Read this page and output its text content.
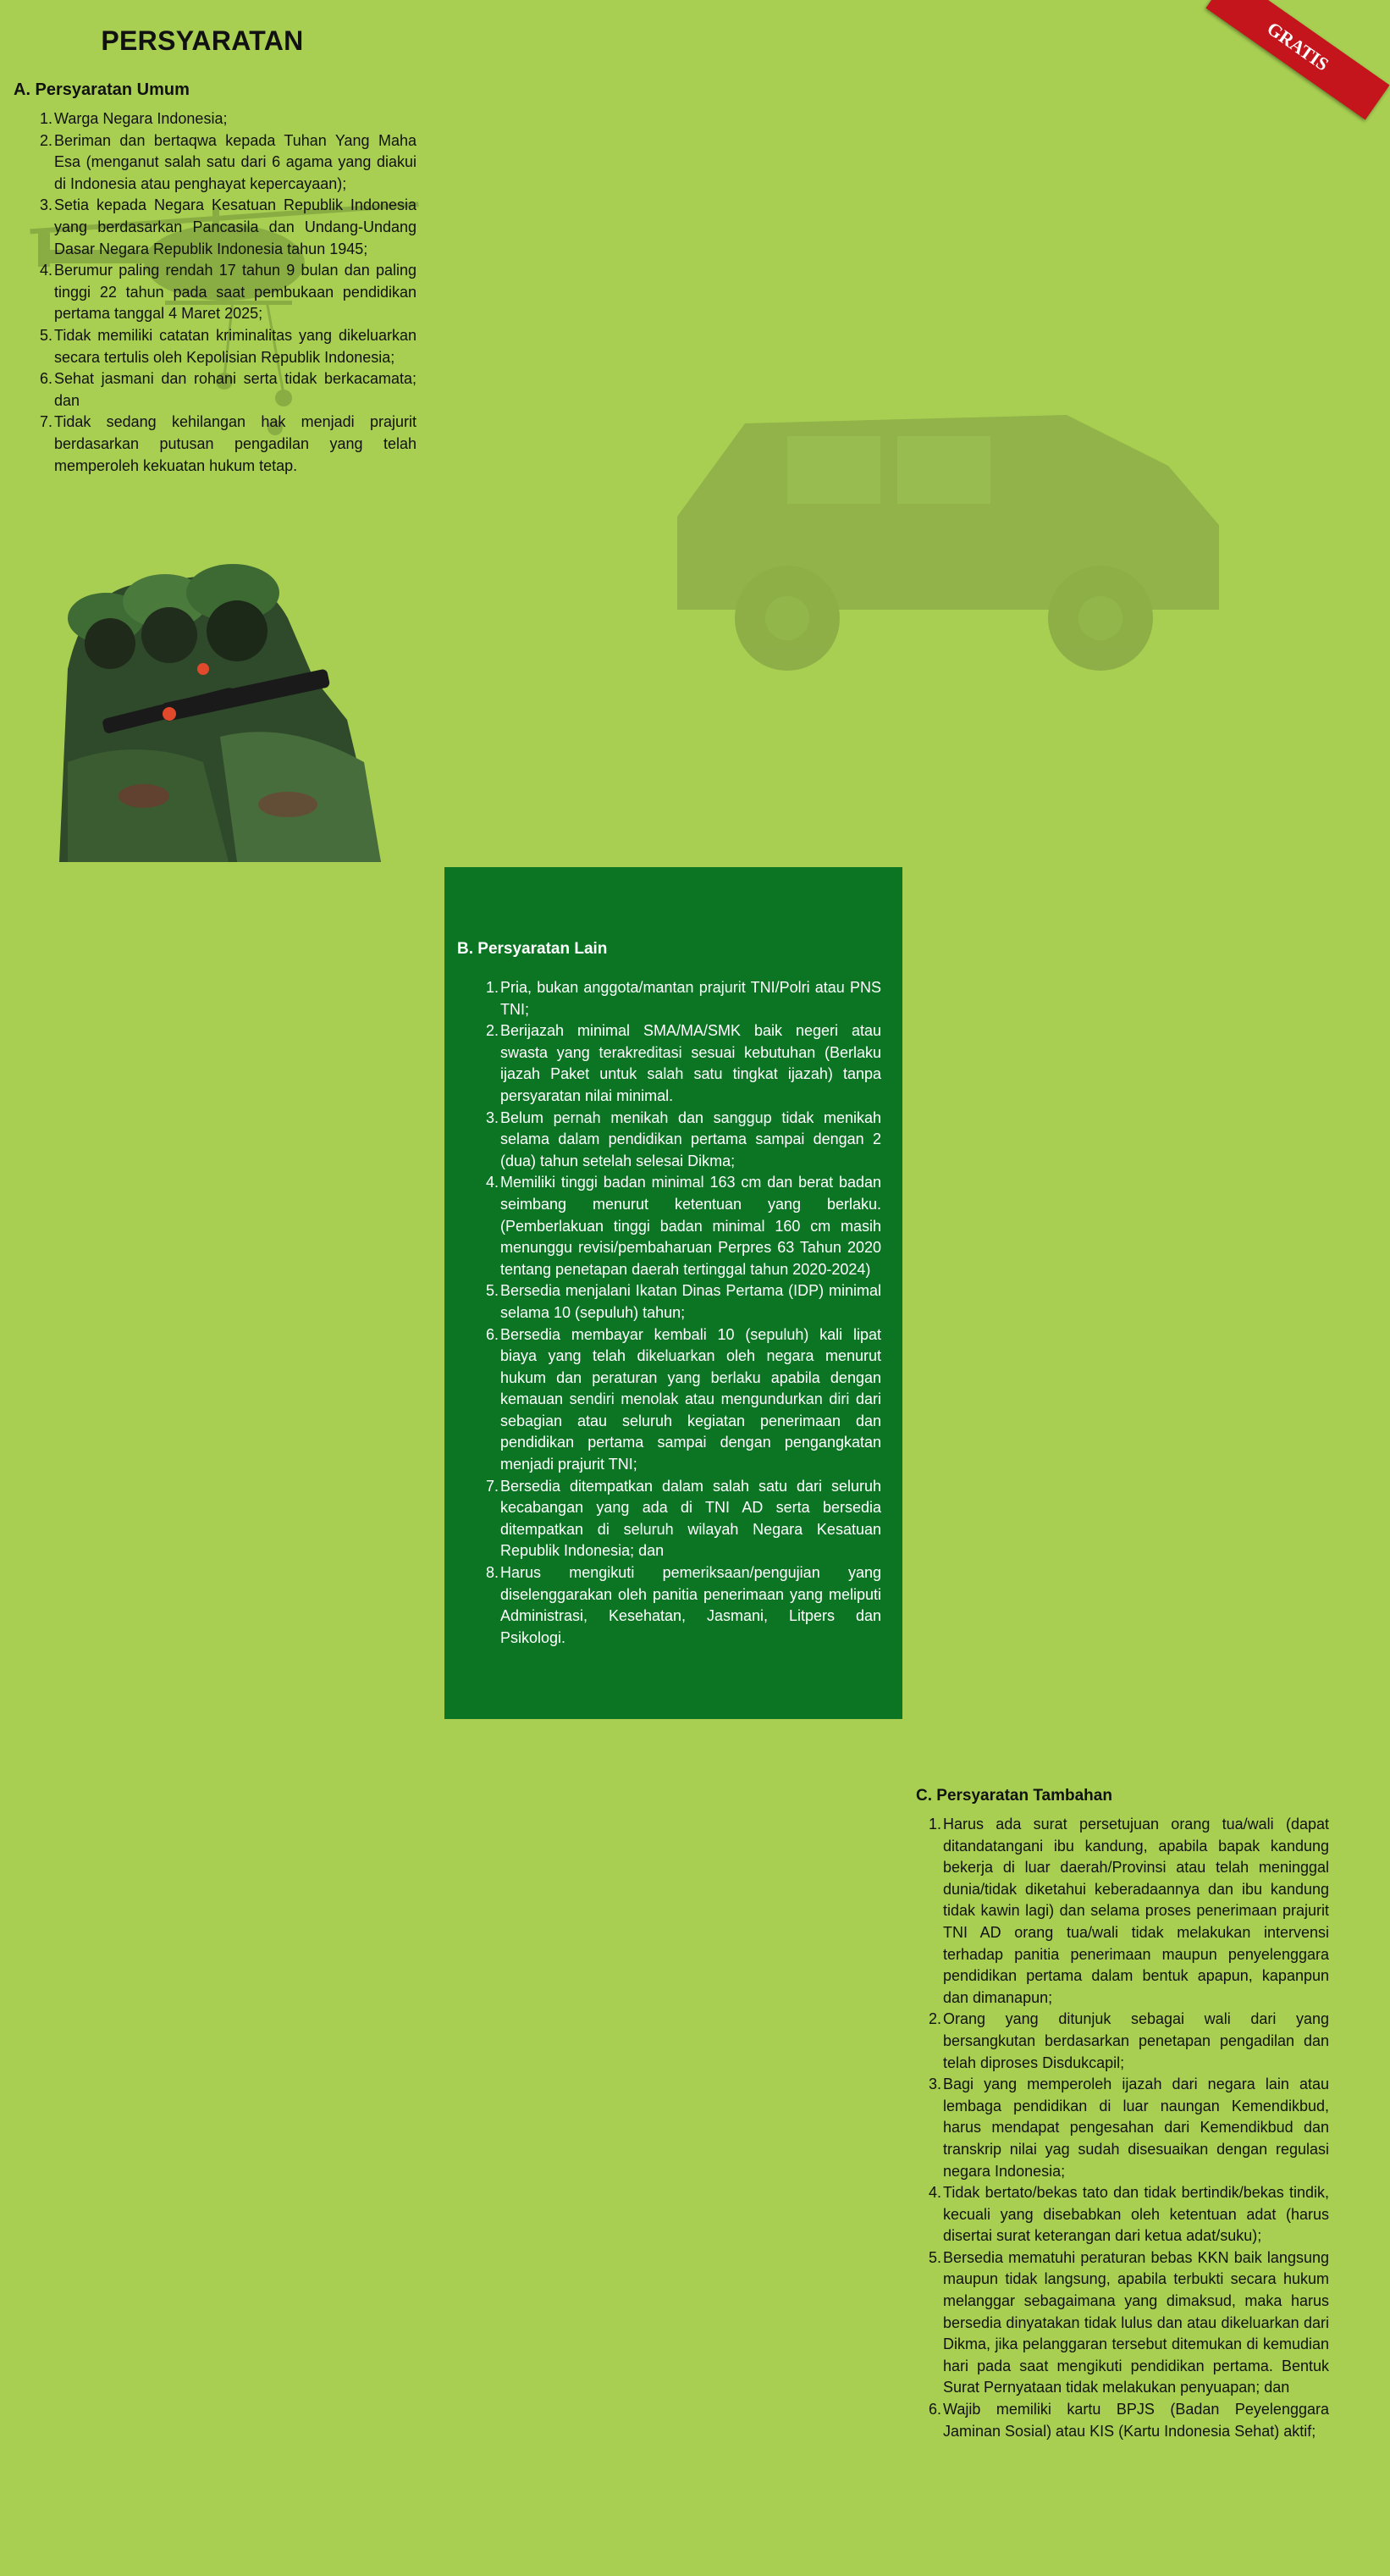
GRATIS
PERSYARATAN
A. Persyaratan Umum
Warga Negara Indonesia;
Beriman dan bertaqwa kepada Tuhan Yang Maha Esa (menganut salah satu dari 6 agama yang diakui di Indonesia atau penghayat kepercayaan);
Setia kepada Negara Kesatuan Republik Indonesia yang berdasarkan Pancasila dan Undang-Undang Dasar Negara Republik Indonesia tahun 1945;
Berumur paling rendah 17 tahun 9 bulan dan paling tinggi 22 tahun pada saat pembukaan pendidikan pertama tanggal 4 Maret 2025;
Tidak memiliki catatan kriminalitas yang dikeluarkan secara tertulis oleh Kepolisian Republik Indonesia;
Sehat jasmani dan rohani serta tidak berkacamata; dan
Tidak sedang kehilangan hak menjadi prajurit berdasarkan putusan pengadilan yang telah memperoleh kekuatan hukum tetap.
B. Persyaratan Lain
Pria, bukan anggota/mantan prajurit TNI/Polri atau PNS TNI;
Berijazah minimal SMA/MA/SMK baik negeri atau swasta yang terakreditasi sesuai kebutuhan (Berlaku ijazah Paket untuk salah satu tingkat ijazah) tanpa persyaratan nilai minimal.
Belum pernah menikah dan sanggup tidak menikah selama dalam pendidikan pertama sampai dengan 2 (dua) tahun setelah selesai Dikma;
Memiliki tinggi badan minimal 163 cm dan berat badan seimbang menurut ketentuan yang berlaku. (Pemberlakuan tinggi badan minimal 160 cm masih menunggu revisi/pembaharuan Perpres 63 Tahun 2020 tentang penetapan daerah tertinggal tahun 2020-2024)
Bersedia menjalani Ikatan Dinas Pertama (IDP) minimal selama 10 (sepuluh) tahun;
Bersedia membayar kembali 10 (sepuluh) kali lipat biaya yang telah dikeluarkan oleh negara menurut hukum dan peraturan yang berlaku apabila dengan kemauan sendiri menolak atau mengundurkan diri dari sebagian atau seluruh kegiatan penerimaan dan pendidikan pertama sampai dengan pengangkatan menjadi prajurit TNI;
Bersedia ditempatkan dalam salah satu dari seluruh kecabangan yang ada di TNI AD serta bersedia ditempatkan di seluruh wilayah Negara Kesatuan Republik Indonesia; dan
Harus mengikuti pemeriksaan/pengujian yang diselenggarakan oleh panitia penerimaan yang meliputi Administrasi, Kesehatan, Jasmani, Litpers dan Psikologi.
C. Persyaratan Tambahan
Harus ada surat persetujuan orang tua/wali (dapat ditandatangani ibu kandung, apabila bapak kandung bekerja di luar daerah/Provinsi atau telah meninggal dunia/tidak diketahui keberadaannya dan ibu kandung tidak kawin lagi) dan selama proses penerimaan prajurit TNI AD orang tua/wali tidak melakukan intervensi terhadap panitia penerimaan maupun penyelenggara pendidikan pertama dalam bentuk apapun, kapanpun dan dimanapun;
Orang yang ditunjuk sebagai wali dari yang bersangkutan berdasarkan penetapan pengadilan dan telah diproses Disdukcapil;
Bagi yang memperoleh ijazah dari negara lain atau lembaga pendidikan di luar naungan Kemendikbud, harus mendapat pengesahan dari Kemendikbud dan transkrip nilai yag sudah disesuaikan dengan regulasi negara Indonesia;
Tidak bertato/bekas tato dan tidak bertindik/bekas tindik, kecuali yang disebabkan oleh ketentuan adat (harus disertai surat keterangan dari ketua adat/suku);
Bersedia mematuhi peraturan bebas KKN baik langsung maupun tidak langsung, apabila terbukti secara hukum melanggar sebagaimana yang dimaksud, maka harus bersedia dinyatakan tidak lulus dan atau dikeluarkan dari Dikma, jika pelanggaran tersebut ditemukan di kemudian hari pada saat mengikuti pendidikan pertama. Bentuk Surat Pernyataan tidak melakukan penyuapan; dan
Wajib memiliki kartu BPJS (Badan Peyelenggara Jaminan Sosial) atau KIS (Kartu Indonesia Sehat) aktif;
